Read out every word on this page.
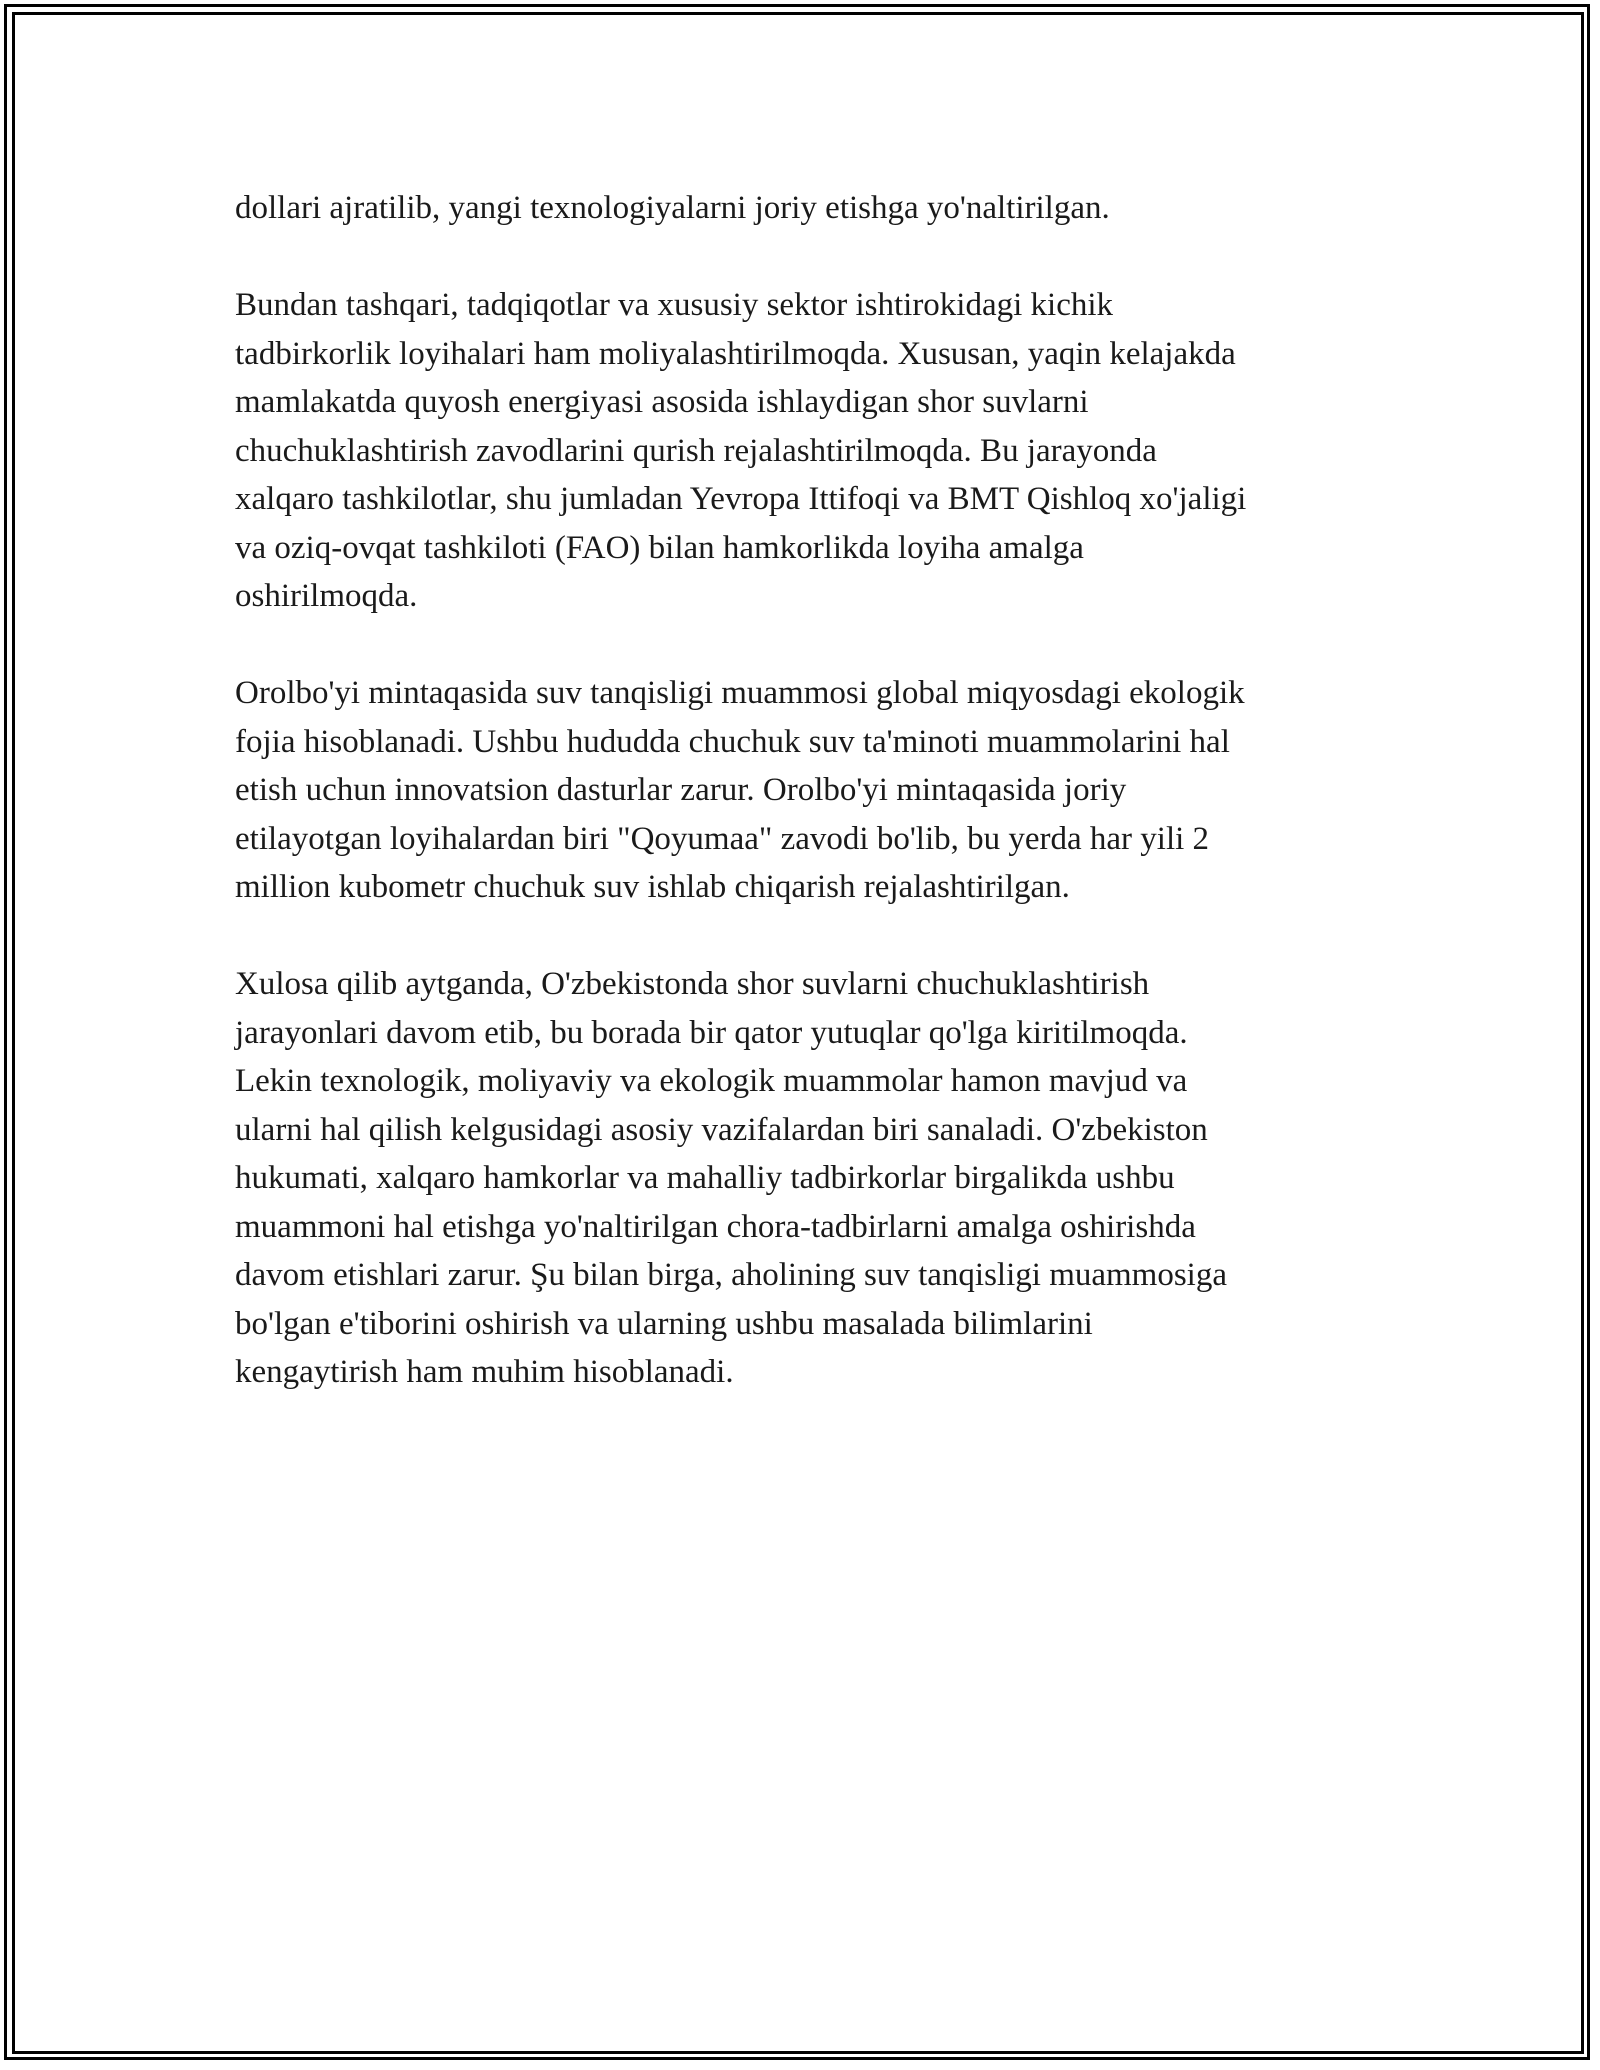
dollari ajratilib, yangi texnologiyalarni joriy etishga yo'naltirilgan.

Bundan tashqari, tadqiqotlar va xususiy sektor ishtirokidagi kichik
tadbirkorlik loyihalari ham moliyalashtirilmoqda. Xususan, yaqin kelajakda
mamlakatda quyosh energiyasi asosida ishlaydigan shor suvlarni
chuchuklashtirish zavodlarini qurish rejalashtirilmoqda. Bu jarayonda
xalqaro tashkilotlar, shu jumladan Yevropa Ittifoqi va BMT Qishloq xo'jaligi
va oziq-ovqat tashkiloti (FAO) bilan hamkorlikda loyiha amalga
oshirilmoqda.

Orolbo'yi mintaqasida suv tanqisligi muammosi global miqyosdagi ekologik
fojia hisoblanadi. Ushbu hududda chuchuk suv ta'minoti muammolarini hal
etish uchun innovatsion dasturlar zarur. Orolbo'yi mintaqasida joriy
etilayotgan loyihalardan biri "Qoyumaa" zavodi bo'lib, bu yerda har yili 2
million kubometr chuchuk suv ishlab chiqarish rejalashtirilgan.

Xulosa qilib aytganda, O'zbekistonda shor suvlarni chuchuklashtirish
jarayonlari davom etib, bu borada bir qator yutuqlar qo'lga kiritilmoqda.
Lekin texnologik, moliyaviy va ekologik muammolar hamon mavjud va
ularni hal qilish kelgusidagi asosiy vazifalardan biri sanaladi. O'zbekiston
hukumati, xalqaro hamkorlar va mahalliy tadbirkorlar birgalikda ushbu
muammoni hal etishga yo'naltirilgan chora-tadbirlarni amalga oshirishda
davom etishlari zarur. Şu bilan birga, aholining suv tanqisligi muammosiga
bo'lgan e'tiborini oshirish va ularning ushbu masalada bilimlarini
kengaytirish ham muhim hisoblanadi.
